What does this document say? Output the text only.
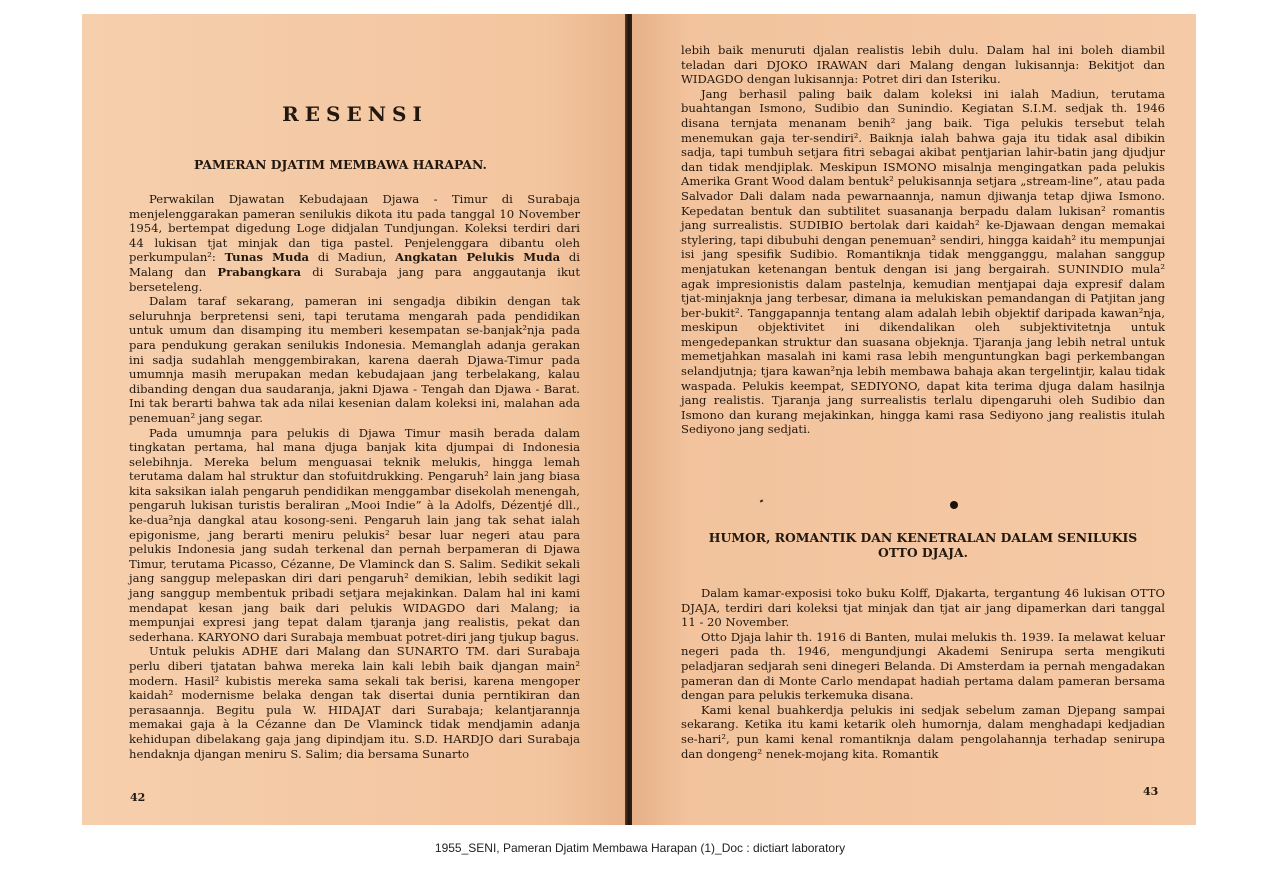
RESENSI
PAMERAN DJATIM MEMBAWA HARAPAN.

Perwakilan Djawatan Kebudajaan Djawa - Timur di Surabaja menjelenggarakan pameran senilukis dikota itu pada tanggal 10 November 1954, bertempat digedung Loge didjalan Tundjungan. Koleksi terdiri dari 44 lukisan tjat minjak dan tiga pastel. Penjelenggara dibantu oleh perkumpulan²: Tunas Muda di Madiun, Angkatan Pelukis Muda di Malang dan Prabangkara di Surabaja jang para anggautanja ikut berseteleng.

Dalam taraf sekarang, pameran ini sengadja dibikin dengan tak seluruhnja berpretensi seni, tapi terutama mengarah pada pendidikan untuk umum dan disamping itu memberi kesempatan se-banjak²nja pada para pendukung gerakan senilukis Indonesia. Memanglah adanja gerakan ini sadja sudahlah menggembirakan, karena daerah Djawa-Timur pada umumnja masih merupakan medan kebudajaan jang terbelakang, kalau dibanding dengan dua saudaranja, jakni Djawa - Tengah dan Djawa - Barat. Ini tak berarti bahwa tak ada nilai kesenian dalam koleksi ini, malahan ada penemuan² jang segar.

Pada umumnja para pelukis di Djawa Timur masih berada dalam tingkatan pertama, hal mana djuga banjak kita djumpai di Indonesia selebihnja. Mereka belum menguasai teknik melukis, hingga lemah terutama dalam hal struktur dan stofuitdrukking. Pengaruh² lain jang biasa kita saksikan ialah pengaruh pendidikan menggambar disekolah menengah, pengaruh lukisan turistis beraliran „Mooi Indie” à la Adolfs, Dézentjé dll., ke-dua²nja dangkal atau kosong-seni. Pengaruh lain jang tak sehat ialah epigonisme, jang berarti meniru pelukis² besar luar negeri atau para pelukis Indonesia jang sudah terkenal dan pernah berpameran di Djawa Timur, terutama Picasso, Cézanne, De Vlaminck dan S. Salim. Sedikit sekali jang sanggup melepaskan diri dari pengaruh² demikian, lebih sedikit lagi jang sanggup membentuk pribadi setjara mejakinkan. Dalam hal ini kami mendapat kesan jang baik dari pelukis WIDAGDO dari Malang; ia mempunjai expresi jang tepat dalam tjaranja jang realistis, pekat dan sederhana. KARYONO dari Surabaja membuat potret-diri jang tjukup bagus.

Untuk pelukis ADHE dari Malang dan SUNARTO TM. dari Surabaja perlu diberi tjatatan bahwa mereka lain kali lebih baik djangan main² modern. Hasil² kubistis mereka sama sekali tak berisi, karena mengoper kaidah² modernisme belaka dengan tak disertai dunia perntikiran dan perasaannja. Begitu pula W. HIDAJAT dari Surabaja; kelantjarannja memakai gaja à la Cézanne dan De Vlaminck tidak mendjamin adanja kehidupan dibelakang gaja jang dipindjam itu. S.D. HARDJO dari Surabaja hendaknja djangan meniru S. Salim; dia bersama Sunarto

42

lebih baik menuruti djalan realistis lebih dulu. Dalam hal ini boleh diambil teladan dari DJOKO IRAWAN dari Malang dengan lukisannja: Bekitjot dan WIDAGDO dengan lukisannja: Potret diri dan Isteriku.

Jang berhasil paling baik dalam koleksi ini ialah Madiun, terutama buahtangan Ismono, Sudibio dan Sunindio. Kegiatan S.I.M. sedjak th. 1946 disana ternjata menanam benih² jang baik. Tiga pelukis tersebut telah menemukan gaja ter-sendiri². Baiknja ialah bahwa gaja itu tidak asal dibikin sadja, tapi tumbuh setjara fitri sebagai akibat pentjarian lahir-batin jang djudjur dan tidak mendjiplak. Meskipun ISMONO misalnja mengingatkan pada pelukis Amerika Grant Wood dalam bentuk² pelukisannja setjara „stream-line”, atau pada Salvador Dali dalam nada pewarnaannja, namun djiwanja tetap djiwa Ismono. Kepedatan bentuk dan subtilitet suasananja berpadu dalam lukisan² romantis jang surrealistis. SUDIBIO bertolak dari kaidah² ke-Djawaan dengan memakai stylering, tapi dibubuhi dengan penemuan² sendiri, hingga kaidah² itu mempunjai isi jang spesifik Sudibio. Romantiknja tidak mengganggu, malahan sanggup menjatukan ketenangan bentuk dengan isi jang bergairah. SUNINDIO mula² agak impresionistis dalam pastelnja, kemudian mentjapai daja expresif dalam tjat-minjaknja jang terbesar, dimana ia melukiskan pemandangan di Patjitan jang ber-bukit². Tanggapannja tentang alam adalah lebih objektif daripada kawan²nja, meskipun objektivitet ini dikendalikan oleh subjektivitetnja untuk mengedepankan struktur dan suasana objeknja. Tjaranja jang lebih netral untuk memetjahkan masalah ini kami rasa lebih menguntungkan bagi perkembangan selandjutnja; tjara kawan²nja lebih membawa bahaja akan tergelintjir, kalau tidak waspada. Pelukis keempat, SEDIYONO, dapat kita terima djuga dalam hasilnja jang realistis. Tjaranja jang surrealistis terlalu dipengaruhi oleh Sudibio dan Ismono dan kurang mejakinkan, hingga kami rasa Sediyono jang realistis itulah Sediyono jang sedjati.

HUMOR, ROMANTIK DAN KENETRALAN DALAM SENILUKIS
OTTO DJAJA.

Dalam kamar-exposisi toko buku Kolff, Djakarta, tergantung 46 lukisan OTTO DJAJA, terdiri dari koleksi tjat minjak dan tjat air jang dipamerkan dari tanggal 11 - 20 November.

Otto Djaja lahir th. 1916 di Banten, mulai melukis th. 1939. Ia melawat keluar negeri pada th. 1946, mengundjungi Akademi Senirupa serta mengikuti peladjaran sedjarah seni dinegeri Belanda. Di Amsterdam ia pernah mengadakan pameran dan di Monte Carlo mendapat hadiah pertama dalam pameran bersama dengan para pelukis terkemuka disana.

Kami kenal buahkerdja pelukis ini sedjak sebelum zaman Djepang sampai sekarang. Ketika itu kami ketarik oleh humornja, dalam menghadapi kedjadian se-hari², pun kami kenal romantiknja dalam pengolahannja terhadap senirupa dan dongeng² nenek-mojang kita. Romantik

43
1955_SENI, Pameran Djatim Membawa Harapan (1)_Doc : dictiart laboratory
